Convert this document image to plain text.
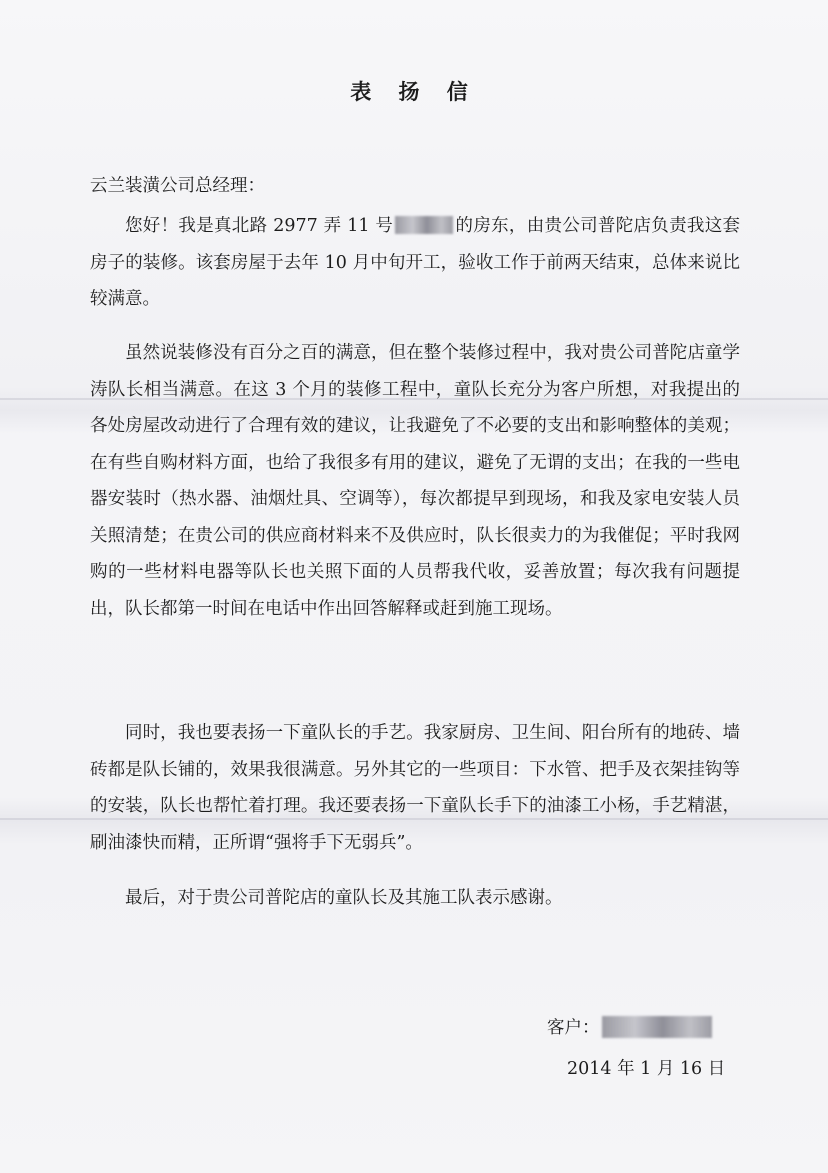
表 扬 信
云兰装潢公司总经理：

您好！我是真北路 2977 弄 11 号	的房东，由贵公司普陀店负责我这套房子的装修。该套房屋于去年 10 月中旬开工，验收工作于前两天结束，总体来说比较满意。

虽然说装修没有百分之百的满意，但在整个装修过程中，我对贵公司普陀店童学涛队长相当满意。在这 3 个月的装修工程中，童队长充分为客户所想，对我提出的各处房屋改动进行了合理有效的建议，让我避免了不必要的支出和影响整体的美观；在有些自购材料方面，也给了我很多有用的建议，避免了无谓的支出；在我的一些电器安装时（热水器、油烟灶具、空调等），每次都提早到现场，和我及家电安装人员关照清楚；在贵公司的供应商材料来不及供应时，队长很卖力的为我催促；平时我网购的一些材料电器等队长也关照下面的人员帮我代收，妥善放置；每次我有问题提出，队长都第一时间在电话中作出回答解释或赶到施工现场。

同时，我也要表扬一下童队长的手艺。我家厨房、卫生间、阳台所有的地砖、墙砖都是队长铺的，效果我很满意。另外其它的一些项目：下水管、把手及衣架挂钩等的安装，队长也帮忙着打理。我还要表扬一下童队长手下的油漆工小杨，手艺精湛，刷油漆快而精，正所谓“强将手下无弱兵”。

最后，对于贵公司普陀店的童队长及其施工队表示感谢。

客户：
2014 年 1 月 16 日
